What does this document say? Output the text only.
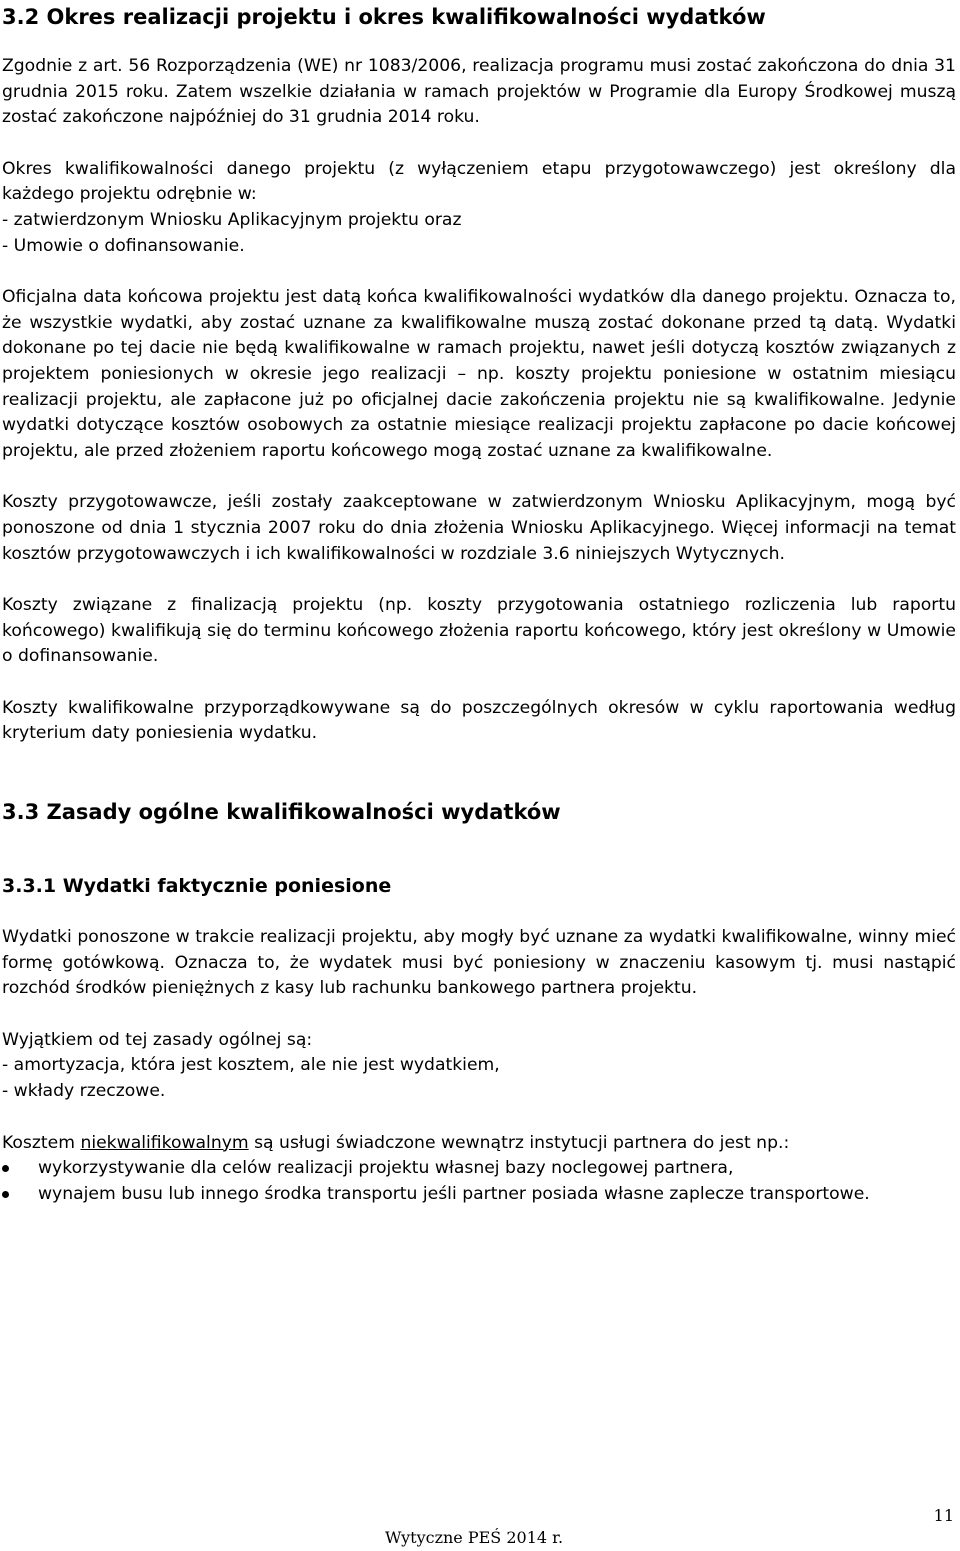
3.2 Okres realizacji projektu i okres kwalifikowalności wydatków

Zgodnie z art. 56 Rozporządzenia (WE) nr 1083/2006, realizacja programu musi zostać zakończona do dnia 31 grudnia 2015 roku. Zatem wszelkie działania w ramach projektów w Programie dla Europy Środkowej muszą zostać zakończone najpóźniej do 31 grudnia 2014 roku.

Okres kwalifikowalności danego projektu (z wyłączeniem etapu przygotowawczego) jest określony dla każdego projektu odrębnie w:
- zatwierdzonym Wniosku Aplikacyjnym projektu oraz
- Umowie o dofinansowanie.

Oficjalna data końcowa projektu jest datą końca kwalifikowalności wydatków dla danego projektu. Oznacza to, że wszystkie wydatki, aby zostać uznane za kwalifikowalne muszą zostać dokonane przed tą datą. Wydatki dokonane po tej dacie nie będą kwalifikowalne w ramach projektu, nawet jeśli dotyczą kosztów związanych z projektem poniesionych w okresie jego realizacji – np. koszty projektu poniesione w ostatnim miesiącu realizacji projektu, ale zapłacone już po oficjalnej dacie zakończenia projektu nie są kwalifikowalne. Jedynie wydatki dotyczące kosztów osobowych za ostatnie miesiące realizacji projektu zapłacone po dacie końcowej projektu, ale przed złożeniem raportu końcowego mogą zostać uznane za kwalifikowalne.

Koszty przygotowawcze, jeśli zostały zaakceptowane w zatwierdzonym Wniosku Aplikacyjnym, mogą być ponoszone od dnia 1 stycznia 2007 roku do dnia złożenia Wniosku Aplikacyjnego. Więcej informacji na temat kosztów przygotowawczych i ich kwalifikowalności w rozdziale 3.6 niniejszych Wytycznych.

Koszty związane z finalizacją projektu (np. koszty przygotowania ostatniego rozliczenia lub raportu końcowego) kwalifikują się do terminu końcowego złożenia raportu końcowego, który jest określony w Umowie o dofinansowanie.

Koszty kwalifikowalne przyporządkowywane są do poszczególnych okresów w cyklu raportowania według kryterium daty poniesienia wydatku.

3.3 Zasady ogólne kwalifikowalności wydatków
3.3.1 Wydatki faktycznie poniesione

Wydatki ponoszone w trakcie realizacji projektu, aby mogły być uznane za wydatki kwalifikowalne, winny mieć formę gotówkową. Oznacza to, że wydatek musi być poniesiony w znaczeniu kasowym tj. musi nastąpić rozchód środków pieniężnych z kasy lub rachunku bankowego partnera projektu.

Wyjątkiem od tej zasady ogólnej są:
- amortyzacja, która jest kosztem, ale nie jest wydatkiem,
- wkłady rzeczowe.

Kosztem niekwalifikowalnym są usługi świadczone wewnątrz instytucji partnera do jest np.:

wykorzystywanie dla celów realizacji projektu własnej bazy noclegowej partnera,
wynajem busu lub innego środka transportu jeśli partner posiada własne zaplecze transportowe.
11
Wytyczne PEŚ 2014 r.
